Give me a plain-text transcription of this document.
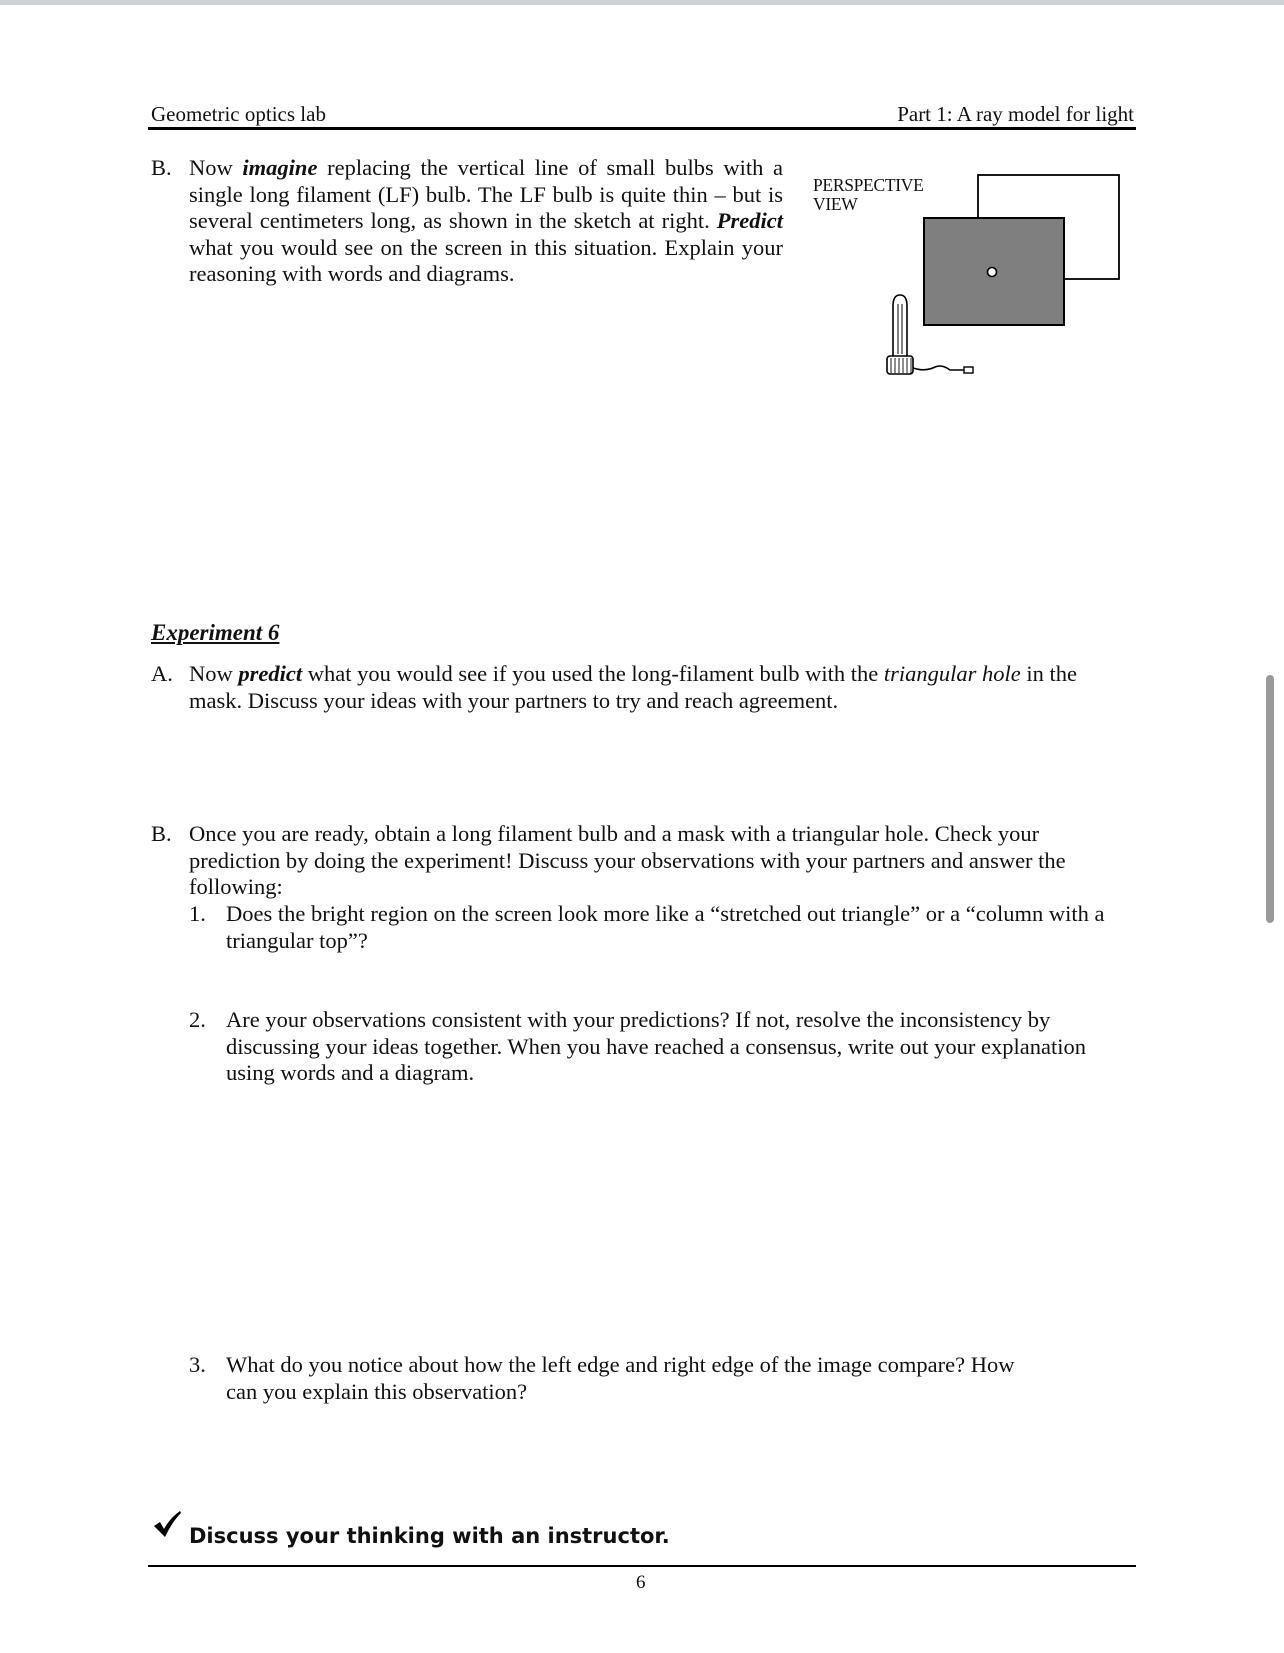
Geometric optics lab	Part 1: A ray model for light
B. Now imagine replacing the vertical line of small bulbs with a single long filament (LF) bulb. The LF bulb is quite thin – but is several centimeters long, as shown in the sketch at right. Predict what you would see on the screen in this situation. Explain your reasoning with words and diagrams.
PERSPECTIVE
VIEW
Experiment 6
A. Now predict what you would see if you used the long-filament bulb with the triangular hole in the mask. Discuss your ideas with your partners to try and reach agreement.
B. Once you are ready, obtain a long filament bulb and a mask with a triangular hole. Check your prediction by doing the experiment! Discuss your observations with your partners and answer the following:
1. Does the bright region on the screen look more like a “stretched out triangle” or a “column with a triangular top”?
2. Are your observations consistent with your predictions? If not, resolve the inconsistency by discussing your ideas together. When you have reached a consensus, write out your explanation using words and a diagram.
3. What do you notice about how the left edge and right edge of the image compare? How can you explain this observation?
Discuss your thinking with an instructor.
6
